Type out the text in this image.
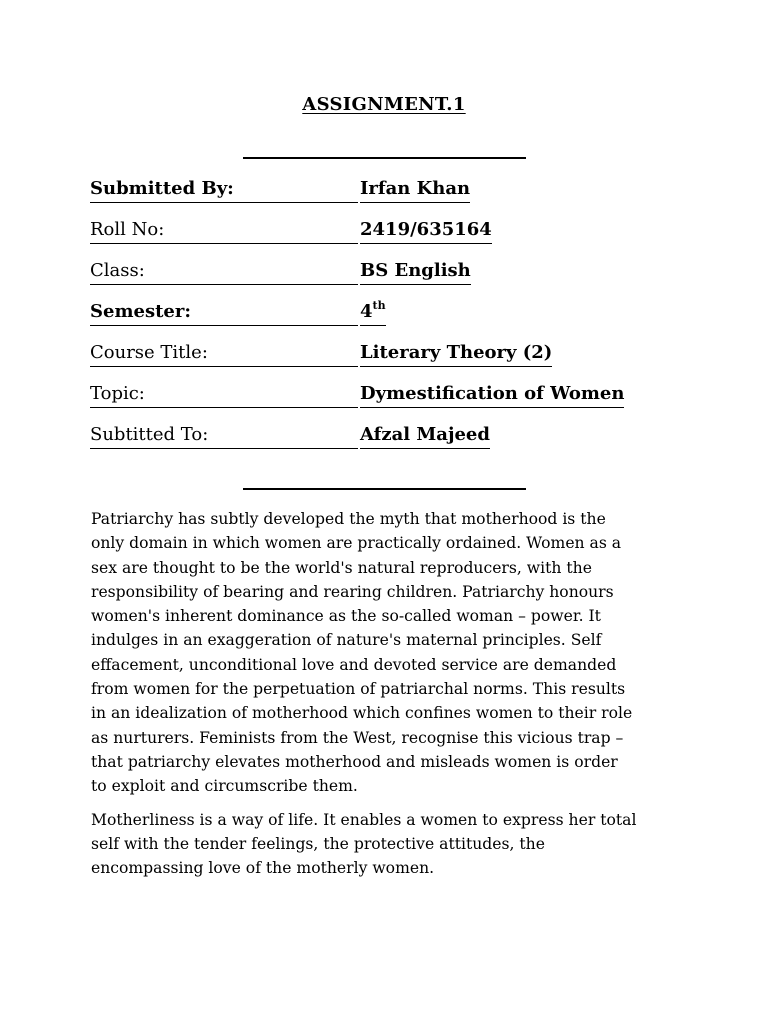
ASSIGNMENT.1
Submitted By:	Irfan Khan
Roll No:	2419/635164
Class:	BS English
Semester:	4th
Course Title:	Literary Theory (2)
Topic:	Dymestification of Women
Subtitted To:	Afzal Majeed

Patriarchy has subtly developed the myth that motherhood is the
only domain in which women are practically ordained. Women as a
sex are thought to be the world's natural reproducers, with the
responsibility of bearing and rearing children. Patriarchy honours
women's inherent dominance as the so-called woman – power. It
indulges in an exaggeration of nature's maternal principles. Self
effacement, unconditional love and devoted service are demanded
from women for the perpetuation of patriarchal norms. This results
in an idealization of motherhood which confines women to their role
as nurturers. Feminists from the West, recognise this vicious trap –
that patriarchy elevates motherhood and misleads women is order
to exploit and circumscribe them.

Motherliness is a way of life. It enables a women to express her total
self with the tender feelings, the protective attitudes, the
encompassing love of the motherly women.
